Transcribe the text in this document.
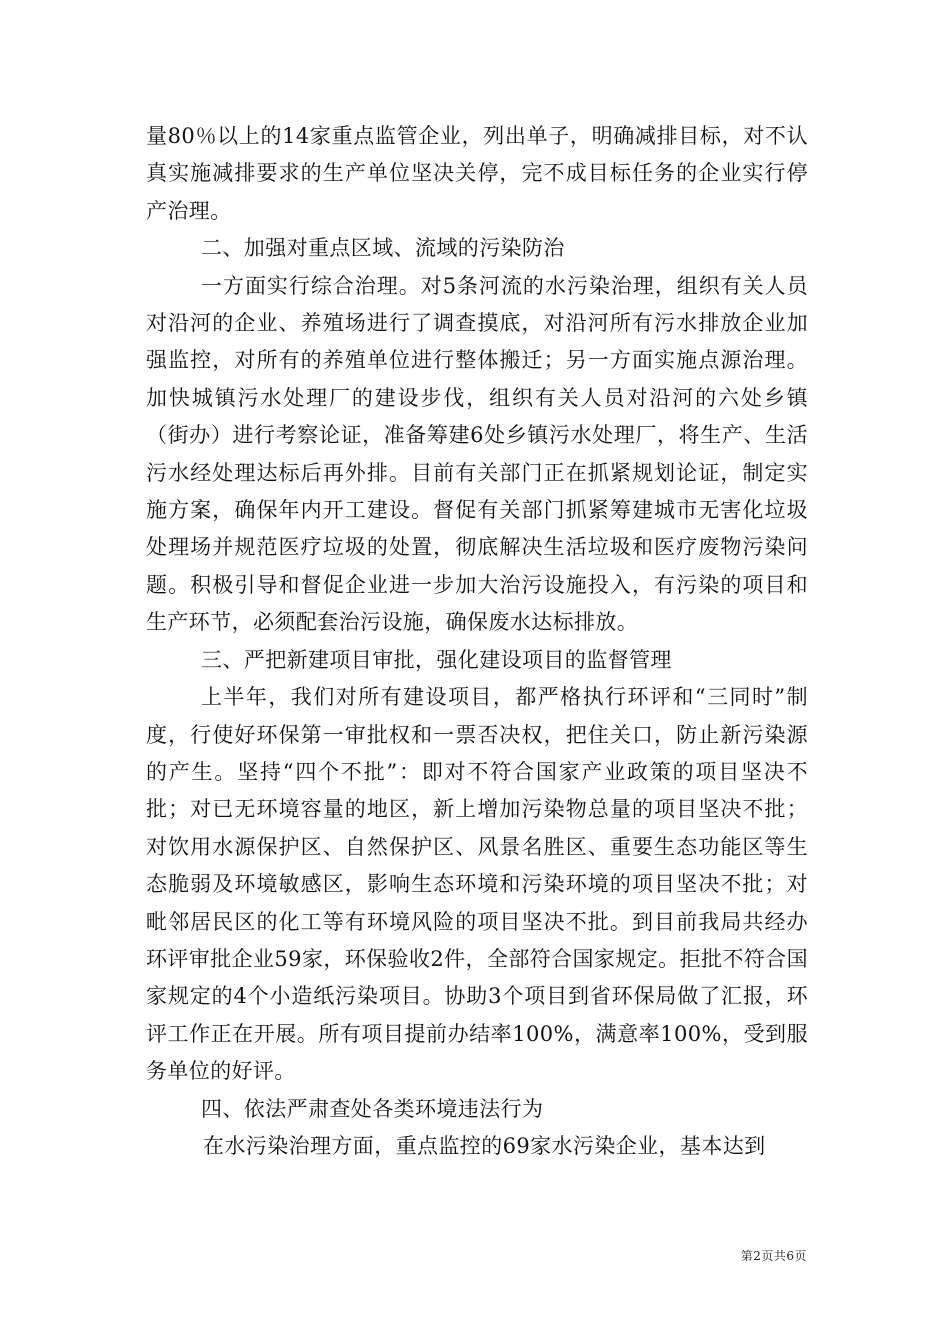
量80％以上的14家重点监管企业，列出单子，明确减排目标，对不认真实施减排要求的生产单位坚决关停，完不成目标任务的企业实行停产治理。

二、加强对重点区域、流域的污染防治

一方面实行综合治理。对5条河流的水污染治理，组织有关人员对沿河的企业、养殖场进行了调查摸底，对沿河所有污水排放企业加强监控，对所有的养殖单位进行整体搬迁；另一方面实施点源治理。加快城镇污水处理厂的建设步伐，组织有关人员对沿河的六处乡镇（街办）进行考察论证，准备筹建6处乡镇污水处理厂，将生产、生活污水经处理达标后再外排。目前有关部门正在抓紧规划论证，制定实施方案，确保年内开工建设。督促有关部门抓紧筹建城市无害化垃圾处理场并规范医疗垃圾的处置，彻底解决生活垃圾和医疗废物污染问题。积极引导和督促企业进一步加大治污设施投入，有污染的项目和生产环节，必须配套治污设施，确保废水达标排放。

三、严把新建项目审批，强化建设项目的监督管理

上半年，我们对所有建设项目，都严格执行环评和“三同时”制度，行使好环保第一审批权和一票否决权，把住关口，防止新污染源的产生。坚持“四个不批”：即对不符合国家产业政策的项目坚决不批；对已无环境容量的地区，新上增加污染物总量的项目坚决不批；对饮用水源保护区、自然保护区、风景名胜区、重要生态功能区等生态脆弱及环境敏感区，影响生态环境和污染环境的项目坚决不批；对毗邻居民区的化工等有环境风险的项目坚决不批。到目前我局共经办环评审批企业59家，环保验收2件，全部符合国家规定。拒批不符合国家规定的4个小造纸污染项目。协助3个项目到省环保局做了汇报，环评工作正在开展。所有项目提前办结率100%，满意率100%，受到服务单位的好评。

四、依法严肃查处各类环境违法行为

在水污染治理方面，重点监控的69家水污染企业，基本达到

第2页共6页
